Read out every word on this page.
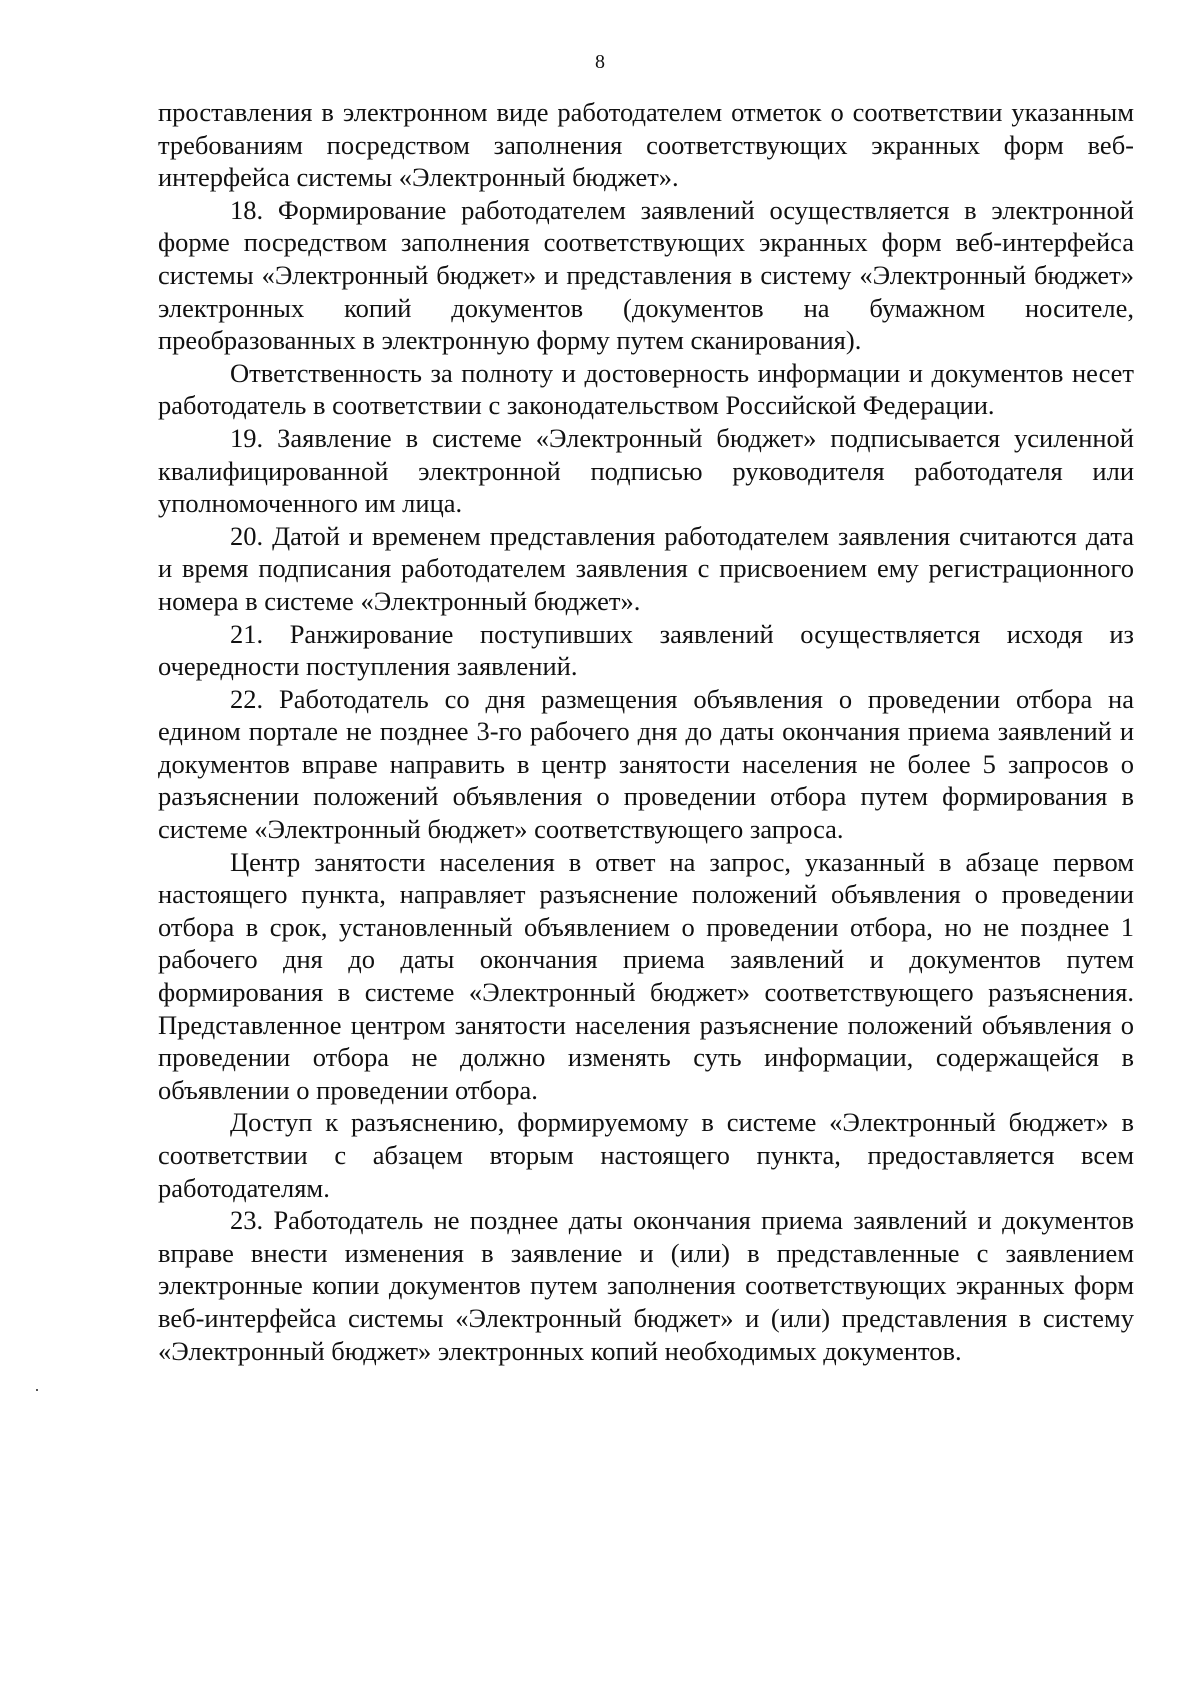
8

проставления в электронном виде работодателем отметок о соответствии указанным требованиям посредством заполнения соответствующих экранных форм веб-интерфейса системы «Электронный бюджет».

18. Формирование работодателем заявлений осуществляется в электронной форме посредством заполнения соответствующих экранных форм веб-интерфейса системы «Электронный бюджет» и представления в систему «Электронный бюджет» электронных копий документов (документов на бумажном носителе, преобразованных в электронную форму путем сканирования).

Ответственность за полноту и достоверность информации и документов несет работодатель в соответствии с законодательством Российской Федерации.

19. Заявление в системе «Электронный бюджет» подписывается усиленной квалифицированной электронной подписью руководителя работодателя или уполномоченного им лица.

20. Датой и временем представления работодателем заявления считаются дата и время подписания работодателем заявления с присвоением ему регистрационного номера в системе «Электронный бюджет».

21. Ранжирование поступивших заявлений осуществляется исходя из очередности поступления заявлений.

22. Работодатель со дня размещения объявления о проведении отбора на едином портале не позднее 3-го рабочего дня до даты окончания приема заявлений и документов вправе направить в центр занятости населения не более 5 запросов о разъяснении положений объявления о проведении отбора путем формирования в системе «Электронный бюджет» соответствующего запроса.

Центр занятости населения в ответ на запрос, указанный в абзаце первом настоящего пункта, направляет разъяснение положений объявления о проведении отбора в срок, установленный объявлением о проведении отбора, но не позднее 1 рабочего дня до даты окончания приема заявлений и документов путем формирования в системе «Электронный бюджет» соответствующего разъяснения. Представленное центром занятости населения разъяснение положений объявления о проведении отбора не должно изменять суть информации, содержащейся в объявлении о проведении отбора.

Доступ к разъяснению, формируемому в системе «Электронный бюджет» в соответствии с абзацем вторым настоящего пункта, предоставляется всем работодателям.

23. Работодатель не позднее даты окончания приема заявлений и документов вправе внести изменения в заявление и (или) в представленные с заявлением электронные копии документов путем заполнения соответствующих экранных форм веб-интерфейса системы «Электронный бюджет» и (или) представления в систему «Электронный бюджет» электронных копий необходимых документов.
